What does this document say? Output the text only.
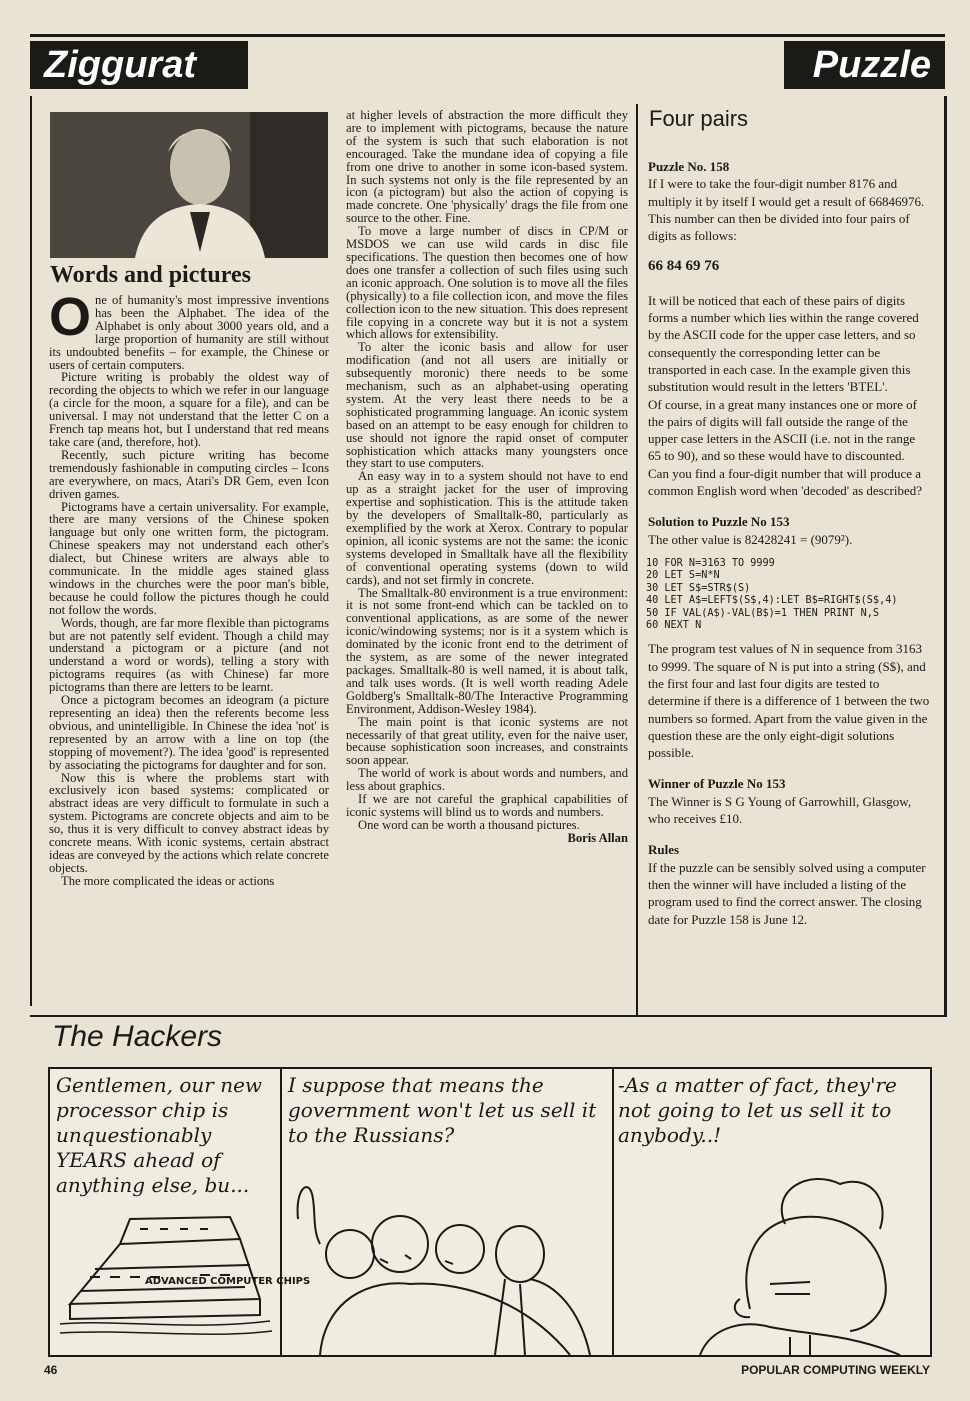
Ziggurat	Puzzle
Words and pictures

One of humanity's most impressive inventions has been the Alphabet. The idea of the Alphabet is only about 3000 years old, and a large proportion of humanity are still without its undoubted benefits – for example, the Chinese or users of certain computers.

Picture writing is probably the oldest way of recording the objects to which we refer in our language (a circle for the moon, a square for a file), and can be universal. I may not understand that the letter C on a French tap means hot, but I understand that red means take care (and, therefore, hot).

Recently, such picture writing has become tremendously fashionable in computing circles – Icons are everywhere, on macs, Atari's DR Gem, even Icon driven games.

Pictograms have a certain universality. For example, there are many versions of the Chinese spoken language but only one written form, the pictogram. Chinese speakers may not understand each other's dialect, but Chinese writers are always able to communicate. In the middle ages stained glass windows in the churches were the poor man's bible, because he could follow the pictures though he could not follow the words.

Words, though, are far more flexible than pictograms but are not patently self evident. Though a child may understand a pictogram or a picture (and not understand a word or words), telling a story with pictograms requires (as with Chinese) far more pictograms than there are letters to be learnt.

Once a pictogram becomes an ideogram (a picture representing an idea) then the referents become less obvious, and unintelligible. In Chinese the idea 'not' is represented by an arrow with a line on top (the stopping of movement?). The idea 'good' is represented by associating the pictograms for daughter and for son.

Now this is where the problems start with exclusively icon based systems: complicated or abstract ideas are very difficult to formulate in such a system. Pictograms are concrete objects and aim to be so, thus it is very difficult to convey abstract ideas by concrete means. With iconic systems, certain abstract ideas are conveyed by the actions which relate concrete objects.

The more complicated the ideas or actions

at higher levels of abstraction the more difficult they are to implement with pictograms, because the nature of the system is such that such elaboration is not encouraged. Take the mundane idea of copying a file from one drive to another in some icon-based system. In such systems not only is the file represented by an icon (a pictogram) but also the action of copying is made concrete. One 'physically' drags the file from one source to the other. Fine.

To move a large number of discs in CP/M or MSDOS we can use wild cards in disc file specifications. The question then becomes one of how does one transfer a collection of such files using such an iconic approach. One solution is to move all the files (physically) to a file collection icon, and move the files collection icon to the new situation. This does represent file copying in a concrete way but it is not a system which allows for extensibility.

To alter the iconic basis and allow for user modification (and not all users are initially or subsequently moronic) there needs to be some mechanism, such as an alphabet-using operating system. At the very least there needs to be a sophisticated programming language. An iconic system based on an attempt to be easy enough for children to use should not ignore the rapid onset of computer sophistication which attacks many youngsters once they start to use computers.

An easy way in to a system should not have to end up as a straight jacket for the user of improving expertise and sophistication. This is the attitude taken by the developers of Smalltalk-80, particularly as exemplified by the work at Xerox. Contrary to popular opinion, all iconic systems are not the same: the iconic systems developed in Smalltalk have all the flexibility of conventional operating systems (down to wild cards), and not set firmly in concrete.

The Smalltalk-80 environment is a true environment: it is not some front-end which can be tackled on to conventional applications, as are some of the newer iconic/windowing systems; nor is it a system which is dominated by the iconic front end to the detriment of the system, as are some of the newer integrated packages. Smalltalk-80 is well named, it is about talk, and talk uses words. (It is well worth reading Adele Goldberg's Smalltalk-80/The Interactive Programming Environment, Addison-Wesley 1984).

The main point is that iconic systems are not necessarily of that great utility, even for the naive user, because sophistication soon increases, and constraints soon appear.

The world of work is about words and numbers, and less about graphics.

If we are not careful the graphical capabilities of iconic systems will blind us to words and numbers.

One word can be worth a thousand pictures.

Boris Allan
Four pairs

Puzzle No. 158

If I were to take the four-digit number 8176 and multiply it by itself I would get a result of 66846976. This number can then be divided into four pairs of digits as follows:

66 84 69 76

It will be noticed that each of these pairs of digits forms a number which lies within the range covered by the ASCII code for the upper case letters, and so consequently the corresponding letter can be transported in each case. In the example given this substitution would result in the letters 'BTEL'.

Of course, in a great many instances one or more of the pairs of digits will fall outside the range of the upper case letters in the ASCII (i.e. not in the range 65 to 90), and so these would have to discounted.

Can you find a four-digit number that will produce a common English word when 'decoded' as described?

Solution to Puzzle No 153

The other value is 82428241 = (9079²).

10 FOR N=3163 TO 9999
20 LET S=N*N
30 LET S$=STR$(S)
40 LET A$=LEFT$(S$,4):LET B$=RIGHT$(S$,4)
50 IF VAL(A$)-VAL(B$)=1 THEN PRINT N,S
60 NEXT N

The program test values of N in sequence from 3163 to 9999. The square of N is put into a string (S$), and the first four and last four digits are tested to determine if there is a difference of 1 between the two numbers so formed. Apart from the value given in the question these are the only eight-digit solutions possible.

Winner of Puzzle No 153

The Winner is S G Young of Garrowhill, Glasgow, who receives £10.

Rules

If the puzzle can be sensibly solved using a computer then the winner will have included a listing of the program used to find the correct answer. The closing date for Puzzle 158 is June 12.

The Hackers
Gentlemen, our new processor chip is unquestionably YEARS ahead of anything else, bu...
I suppose that means the government won't let us sell it to the Russians?
-As a matter of fact, they're not going to let us sell it to anybody..!
ADVANCED COMPUTER CHIPS
46	POPULAR COMPUTING WEEKLY
